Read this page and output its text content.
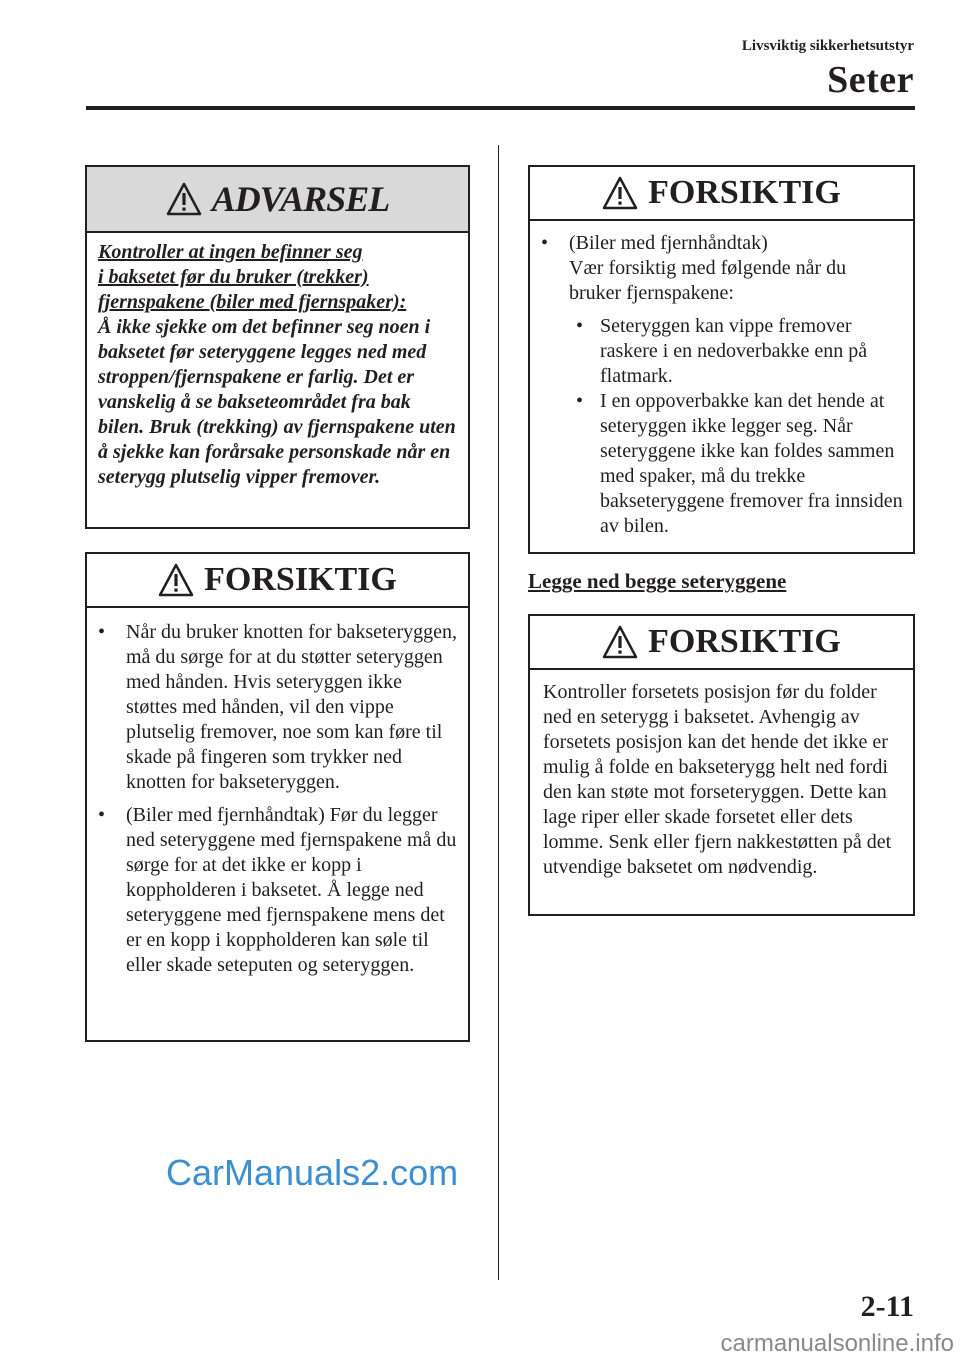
Livsviktig sikkerhetsutstyr
Seter
ADVARSEL
Kontroller at ingen befinner seg
i baksetet før du bruker (trekker)
fjernspakene (biler med fjernspaker):
Å ikke sjekke om det befinner seg noen i baksetet før seteryggene legges ned med stroppen/fjernspakene er farlig. Det er vanskelig å se bakseteområdet fra bak bilen. Bruk (trekking) av fjernspakene uten å sjekke kan forårsake personskade når en seterygg plutselig vipper fremover.
FORSIKTIG
•	Når du bruker knotten for bakseteryggen, må du sørge for at du støtter seteryggen med hånden. Hvis seteryggen ikke støttes med hånden, vil den vippe plutselig fremover, noe som kan føre til skade på fingeren som trykker ned knotten for bakseteryggen.
•	(Biler med fjernhåndtak) Før du legger ned seteryggene med fjernspakene må du sørge for at det ikke er kopp i koppholderen i baksetet. Å legge ned seteryggene med fjernspakene mens det er en kopp i koppholderen kan søle til eller skade seteputen og seteryggen.
FORSIKTIG
•	(Biler med fjernhåndtak)
Vær forsiktig med følgende når du bruker fjernspakene:
• Seteryggen kan vippe fremover raskere i en nedoverbakke enn på flatmark.
• I en oppoverbakke kan det hende at seteryggen ikke legger seg. Når seteryggene ikke kan foldes sammen med spaker, må du trekke bakseteryggene fremover fra innsiden av bilen.
Legge ned begge seteryggene
FORSIKTIG
Kontroller forsetets posisjon før du folder ned en seterygg i baksetet. Avhengig av forsetets posisjon kan det hende det ikke er mulig å folde en bakseterygg helt ned fordi den kan støte mot forseteryggen. Dette kan lage riper eller skade forsetet eller dets lomme. Senk eller fjern nakkestøtten på det utvendige baksetet om nødvendig.
CarManuals2.com
2-11
carmanualsonline.info
